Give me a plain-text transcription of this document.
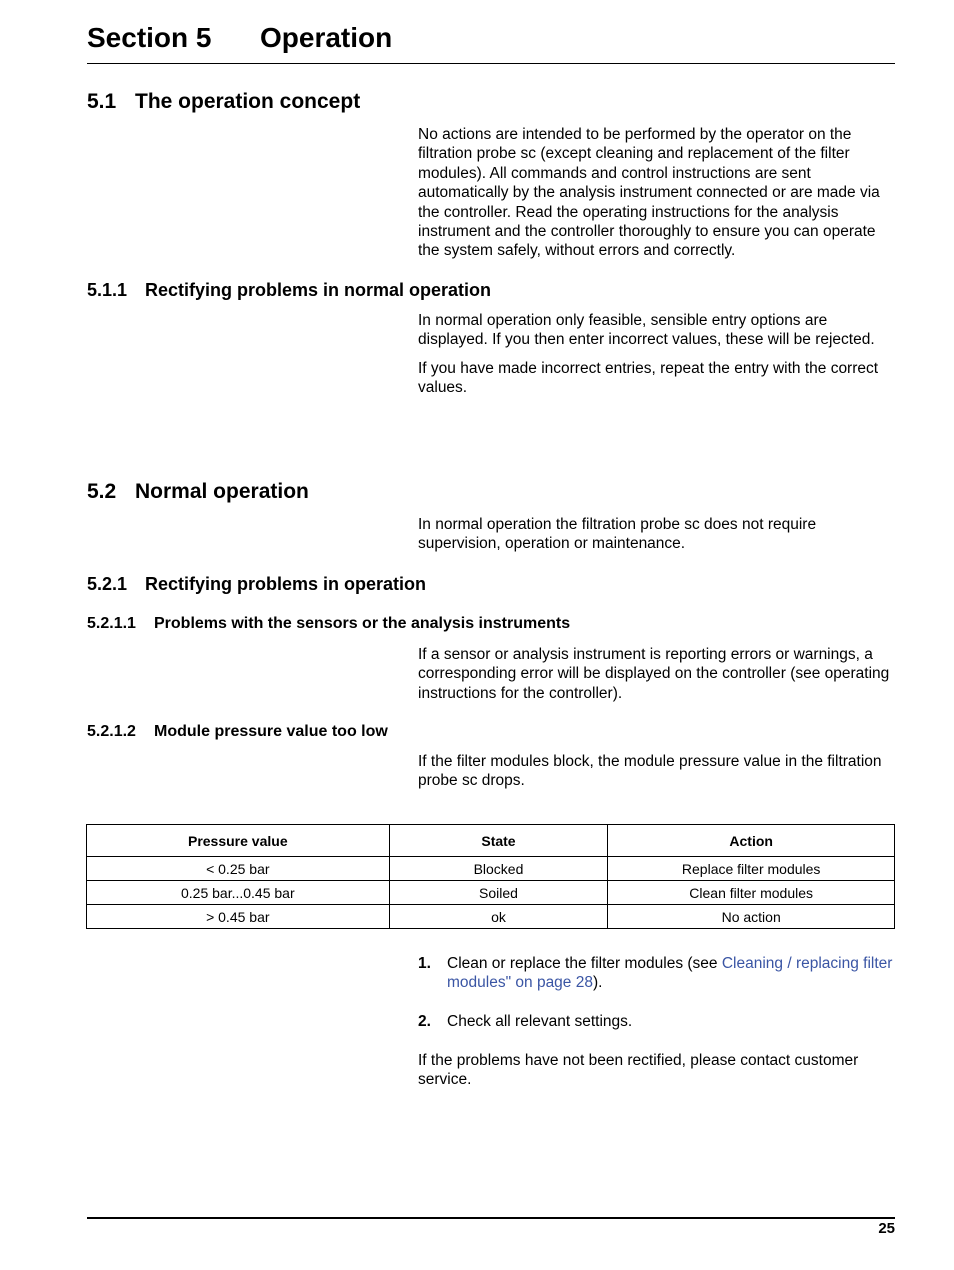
Section 5 Operation
5.1 The operation concept

No actions are intended to be performed by the operator on the filtration probe sc (except cleaning and replacement of the filter modules). All commands and control instructions are sent automatically by the analysis instrument connected or are made via the controller. Read the operating instructions for the analysis instrument and the controller thoroughly to ensure you can operate the system safely, without errors and correctly.

5.1.1 Rectifying problems in normal operation

In normal operation only feasible, sensible entry options are displayed. If you then enter incorrect values, these will be rejected.

If you have made incorrect entries, repeat the entry with the correct values.

5.2 Normal operation

In normal operation the filtration probe sc does not require supervision, operation or maintenance.

5.2.1 Rectifying problems in operation
5.2.1.1 Problems with the sensors or the analysis instruments

If a sensor or analysis instrument is reporting errors or warnings, a corresponding error will be displayed on the controller (see operating instructions for the controller).

5.2.1.2 Module pressure value too low

If the filter modules block, the module pressure value in the filtration probe sc drops.

Pressure value	State	Action
< 0.25 bar	Blocked	Replace filter modules
0.25 bar...0.45 bar	Soiled	Clean filter modules
> 0.45 bar	ok	No action
1. Clean or replace the filter modules (see Cleaning / replacing filter modules" on page 28).
2. Check all relevant settings.

If the problems have not been rectified, please contact customer service.

25
